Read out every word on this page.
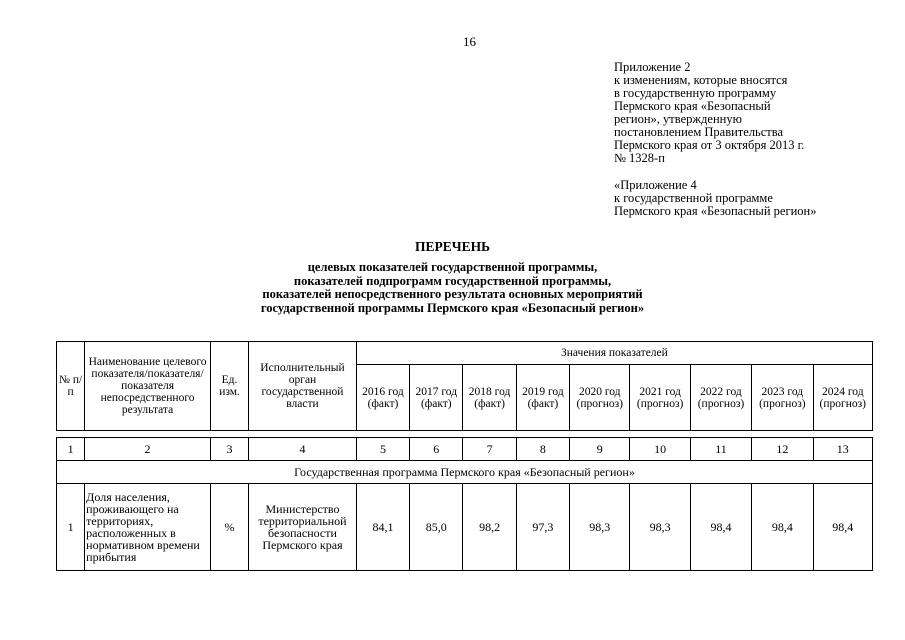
16
Приложение 2
к изменениям, которые вносятся
в государственную программу
Пермского края «Безопасный
регион», утвержденную
постановлением Правительства
Пермского края от 3 октября 2013 г.
№ 1328-п
«Приложение 4
к государственной программе
Пермского края «Безопасный регион»
ПЕРЕЧЕНЬ
целевых показателей государственной программы,
показателей подпрограмм государственной программы,
показателей непосредственного результата основных мероприятий
государственной программы Пермского края «Безопасный регион»
№ п/п	Наименование целевого показателя/показателя/показателя непосредственного результата	Ед. изм.	Исполнительный орган государственной власти	Значения показателей								
				2016 год (факт)	2017 год (факт)	2018 год (факт)	2019 год (факт)	2020 год (прогноз)	2021 год (прогноз)	2022 год (прогноз)	2023 год (прогноз)	2024 год (прогноз)

1	2	3	4	5	6	7	8	9	10	11	12	13
Государственная программа Пермского края «Безопасный регион»												
1	Доля населения, проживающего на территориях, расположенных в нормативном времени прибытия	%	Министерство территориальной безопасности Пермского края	84,1	85,0	98,2	97,3	98,3	98,3	98,4	98,4	98,4
